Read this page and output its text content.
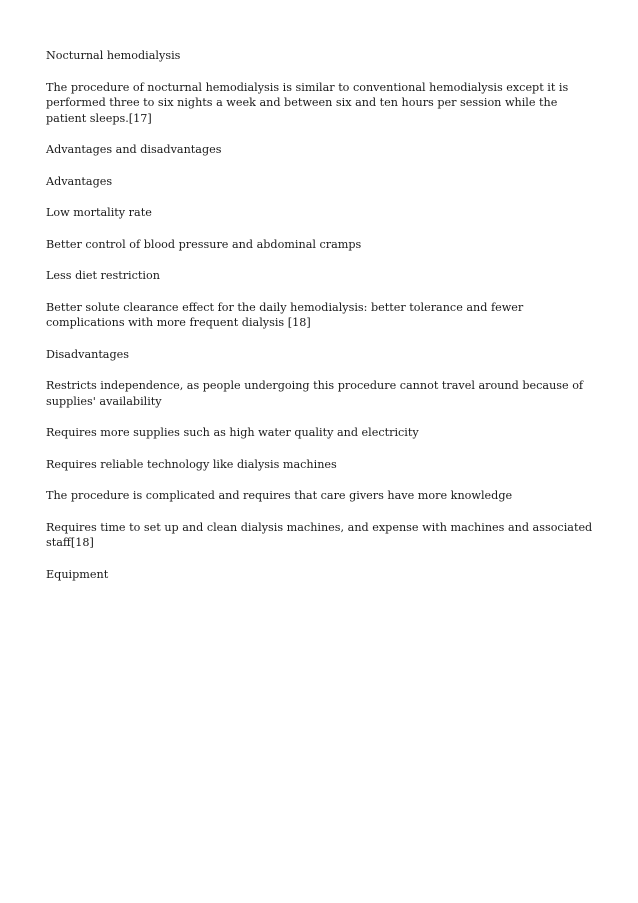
Nocturnal hemodialysis

The procedure of nocturnal hemodialysis is similar to conventional hemodialysis except it is performed three to six nights a week and between six and ten hours per session while the patient sleeps.[17]

Advantages and disadvantages

Advantages

Low mortality rate

Better control of blood pressure and abdominal cramps

Less diet restriction

Better solute clearance effect for the daily hemodialysis: better tolerance and fewer complications with more frequent dialysis [18]

Disadvantages

Restricts independence, as people undergoing this procedure cannot travel around because of supplies' availability

Requires more supplies such as high water quality and electricity

Requires reliable technology like dialysis machines

The procedure is complicated and requires that care givers have more knowledge

Requires time to set up and clean dialysis machines, and expense with machines and associated staff[18]

Equipment
